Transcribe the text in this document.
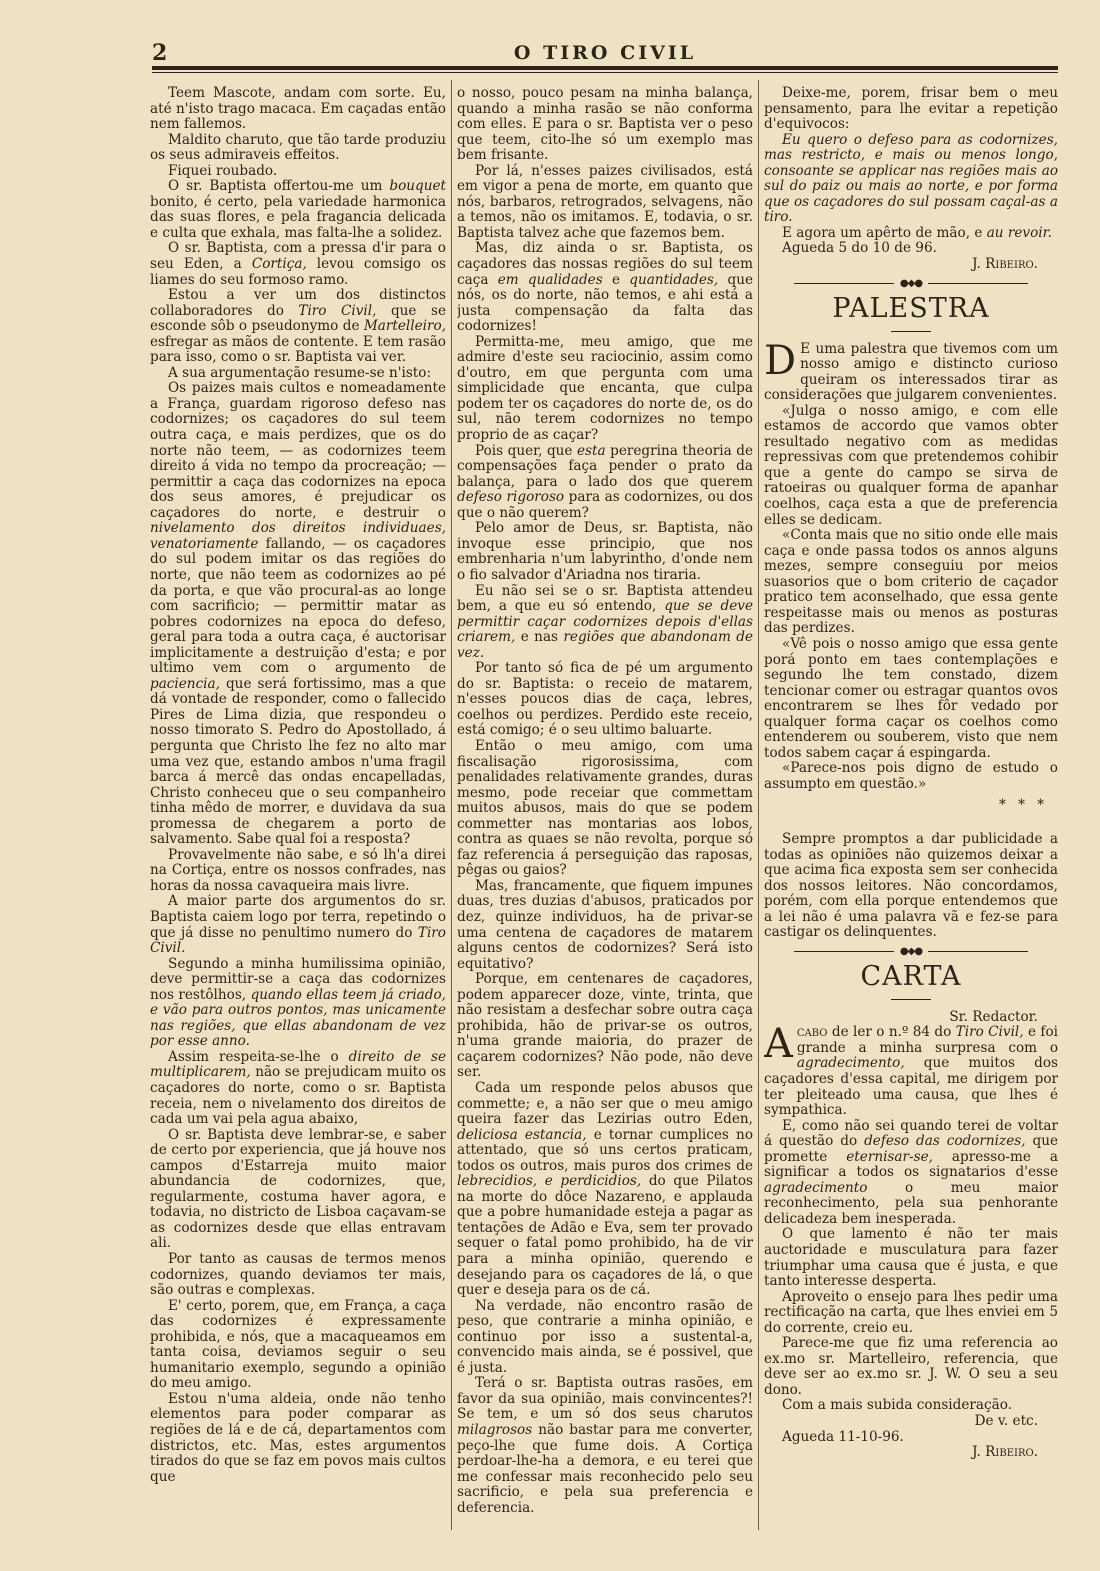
2	O TIRO CIVIL

Teem Mascote, andam com sorte. Eu, até n'isto trago macaca. Em caçadas então nem fallemos.

Maldito charuto, que tão tarde produziu os seus admiraveis effeitos.

Fiquei roubado.

O sr. Baptista offertou-me um bouquet bonito, é certo, pela variedade harmonica das suas flores, e pela fragancia delicada e culta que exhala, mas falta-lhe a solidez.

O sr. Baptista, com a pressa d'ir para o seu Eden, a Cortiça, levou comsigo os liames do seu formoso ramo.

Estou a ver um dos distinctos collaboradores do Tiro Civil, que se esconde sôb o pseudonymo de Martelleiro, esfregar as mãos de contente. E tem rasão para isso, como o sr. Baptista vai ver.

A sua argumentação resume-se n'isto:

Os paizes mais cultos e nomeadamente a França, guardam rigoroso defeso nas codornizes; os caçadores do sul teem outra caça, e mais perdizes, que os do norte não teem, — as codornizes teem direito á vida no tempo da procreação; — permittir a caça das codornizes na epoca dos seus amores, é prejudicar os caçadores do norte, e destruir o nivelamento dos direitos individuaes, venatoriamente fallando, — os caçadores do sul podem imitar os das regiões do norte, que não teem as codornizes ao pé da porta, e que vão procural-as ao longe com sacrificio; — permittir matar as pobres codornizes na epoca do defeso, geral para toda a outra caça, é auctorisar implicitamente a destruição d'esta; e por ultimo vem com o argumento de paciencia, que será fortissimo, mas a que dá vontade de responder, como o fallecido Pires de Lima dizia, que respondeu o nosso timorato S. Pedro do Apostollado, á pergunta que Christo lhe fez no alto mar uma vez que, estando ambos n'uma fragil barca á mercê das ondas encapelladas, Christo conheceu que o seu companheiro tinha mêdo de morrer, e duvidava da sua promessa de chegarem a porto de salvamento. Sabe qual foi a resposta?

Provavelmente não sabe, e só lh'a direi na Cortiça, entre os nossos confrades, nas horas da nossa cavaqueira mais livre.

A maior parte dos argumentos do sr. Baptista caiem logo por terra, repetindo o que já disse no penultimo numero do Tiro Civil.

Segundo a minha humilissima opinião, deve permittir-se a caça das codornizes nos restôlhos, quando ellas teem já criado, e vão para outros pontos, mas unicamente nas regiões, que ellas abandonam de vez por esse anno.

Assim respeita-se-lhe o direito de se multiplicarem, não se prejudicam muito os caçadores do norte, como o sr. Baptista receia, nem o nivelamento dos direitos de cada um vai pela agua abaixo,

O sr. Baptista deve lembrar-se, e saber de certo por experiencia, que já houve nos campos d'Estarreja muito maior abundancia de codornizes, que, regularmente, costuma haver agora, e todavia, no districto de Lisboa caçavam-se as codornizes desde que ellas entravam ali.

Por tanto as causas de termos menos codornizes, quando deviamos ter mais, são outras e complexas.

E' certo, porem, que, em França, a caça das codornizes é expressamente prohibida, e nós, que a macaqueamos em tanta coisa, deviamos seguir o seu humanitario exemplo, segundo a opinião do meu amigo.

Estou n'uma aldeia, onde não tenho elementos para poder comparar as regiões de lá e de cá, departamentos com districtos, etc. Mas, estes argumentos tirados do que se faz em povos mais cultos que

o nosso, pouco pesam na minha balança, quando a minha rasão se não conforma com elles. E para o sr. Baptista ver o peso que teem, cito-lhe só um exemplo mas bem frisante.

Por lá, n'esses paizes civilisados, está em vigor a pena de morte, em quanto que nós, barbaros, retrogrados, selvagens, não a temos, não os imitamos. E, todavia, o sr. Baptista talvez ache que fazemos bem.

Mas, diz ainda o sr. Baptista, os caçadores das nossas regiões do sul teem caça em qualidades e quantidades, que nós, os do norte, não temos, e ahi está a justa compensação da falta das codornizes!

Permitta-me, meu amigo, que me admire d'este seu raciocinio, assim como d'outro, em que pergunta com uma simplicidade que encanta, que culpa podem ter os caçadores do norte de, os do sul, não terem codornizes no tempo proprio de as caçar?

Pois quer, que esta peregrina theoria de compensações faça pender o prato da balança, para o lado dos que querem defeso rigoroso para as codornizes, ou dos que o não querem?

Pelo amor de Deus, sr. Baptista, não invoque esse principio, que nos embrenharia n'um labyrintho, d'onde nem o fio salvador d'Ariadna nos tiraria.

Eu não sei se o sr. Baptista attendeu bem, a que eu só entendo, que se deve permittir caçar codornizes depois d'ellas criarem, e nas regiões que abandonam de vez.

Por tanto só fica de pé um argumento do sr. Baptista: o receio de matarem, n'esses poucos dias de caça, lebres, coelhos ou perdizes. Perdido este receio, está comigo; é o seu ultimo baluarte.

Então o meu amigo, com uma fiscalisação rigorosissima, com penalidades relativamente grandes, duras mesmo, pode receiar que commettam muitos abusos, mais do que se podem commetter nas montarias aos lobos, contra as quaes se não revolta, porque só faz referencia á perseguição das raposas, pêgas ou gaios?

Mas, francamente, que fiquem impunes duas, tres duzias d'abusos, praticados por dez, quinze individuos, ha de privar-se uma centena de caçadores de matarem alguns centos de codornizes? Será isto equitativo?

Porque, em centenares de caçadores, podem apparecer doze, vinte, trinta, que não resistam a desfechar sobre outra caça prohibida, hão de privar-se os outros, n'uma grande maioria, do prazer de caçarem codornizes? Não pode, não deve ser.

Cada um responde pelos abusos que commette; e, a não ser que o meu amigo queira fazer das Lezirias outro Eden, deliciosa estancia, e tornar cumplices no attentado, que só uns certos praticam, todos os outros, mais puros dos crimes de lebrecidios, e perdicidios, do que Pilatos na morte do dôce Nazareno, e applauda que a pobre humanidade esteja a pagar as tentações de Adão e Eva, sem ter provado sequer o fatal pomo prohibido, ha de vir para a minha opinião, querendo e desejando para os caçadores de lá, o que quer e deseja para os de cá.

Na verdade, não encontro rasão de peso, que contrarie a minha opinião, e continuo por isso a sustental-a, convencido mais ainda, se é possivel, que é justa.

Terá o sr. Baptista outras rasões, em favor da sua opinião, mais convincentes?! Se tem, e um só dos seus charutos milagrosos não bastar para me converter, peço-lhe que fume dois. A Cortiça perdoar-lhe-ha a demora, e eu terei que me confessar mais reconhecido pelo seu sacrificio, e pela sua preferencia e deferencia.

Deixe-me, porem, frisar bem o meu pensamento, para lhe evitar a repetição d'equivocos:

Eu quero o defeso para as codornizes, mas restricto, e mais ou menos longo, consoante se applicar nas regiões mais ao sul do paiz ou mais ao norte, e por forma que os caçadores do sul possam caçal-as a tiro.

E agora um apêrto de mão, e au revoir.

Agueda 5 do 10 de 96.

J. Ribeiro.
●◆●
PALESTRA

D E uma palestra que tivemos com um nosso amigo e distincto curioso queiram os interessados tirar as considerações que julgarem convenientes.

«Julga o nosso amigo, e com elle estamos de accordo que vamos obter resultado negativo com as medidas repressivas com que pretendemos cohibir que a gente do campo se sirva de ratoeiras ou qualquer forma de apanhar coelhos, caça esta a que de preferencia elles se dedicam.

«Conta mais que no sitio onde elle mais caça e onde passa todos os annos alguns mezes, sempre conseguiu por meios suasorios que o bom criterio de caçador pratico tem aconselhado, que essa gente respeitasse mais ou menos as posturas das perdizes.

«Vê pois o nosso amigo que essa gente porá ponto em taes contemplações e segundo lhe tem constado, dizem tencionar comer ou estragar quantos ovos encontrarem se lhes fôr vedado por qualquer forma caçar os coelhos como entenderem ou souberem, visto que nem todos sabem caçar á espingarda.

«Parece-nos pois digno de estudo o assumpto em questão.»

* * *

Sempre promptos a dar publicidade a todas as opiniões não quizemos deixar a que acima fica exposta sem ser conhecida dos nossos leitores. Não concordamos, porém, com ella porque entendemos que a lei não é uma palavra vã e fez-se para castigar os delinquentes.

●◆●
CARTA
Sr. Redactor.

Acabo de ler o n.º 84 do Tiro Civil, e foi grande a minha surpresa com o agradecimento, que muitos dos caçadores d'essa capital, me dirigem por ter pleiteado uma causa, que lhes é sympathica.

E, como não sei quando terei de voltar á questão do defeso das codornizes, que promette eternisar-se, apresso-me a significar a todos os signatarios d'esse agradecimento o meu maior reconhecimento, pela sua penhorante delicadeza bem inesperada.

O que lamento é não ter mais auctoridade e musculatura para fazer triumphar uma causa que é justa, e que tanto interesse desperta.

Aproveito o ensejo para lhes pedir uma rectificação na carta, que lhes enviei em 5 do corrente, creio eu.

Parece-me que fiz uma referencia ao ex.mo sr. Martelleiro, referencia, que deve ser ao ex.mo sr. J. W. O seu a seu dono.

Com a mais subida consideração.

De v. etc.

Agueda 11-10-96.

J. Ribeiro.
